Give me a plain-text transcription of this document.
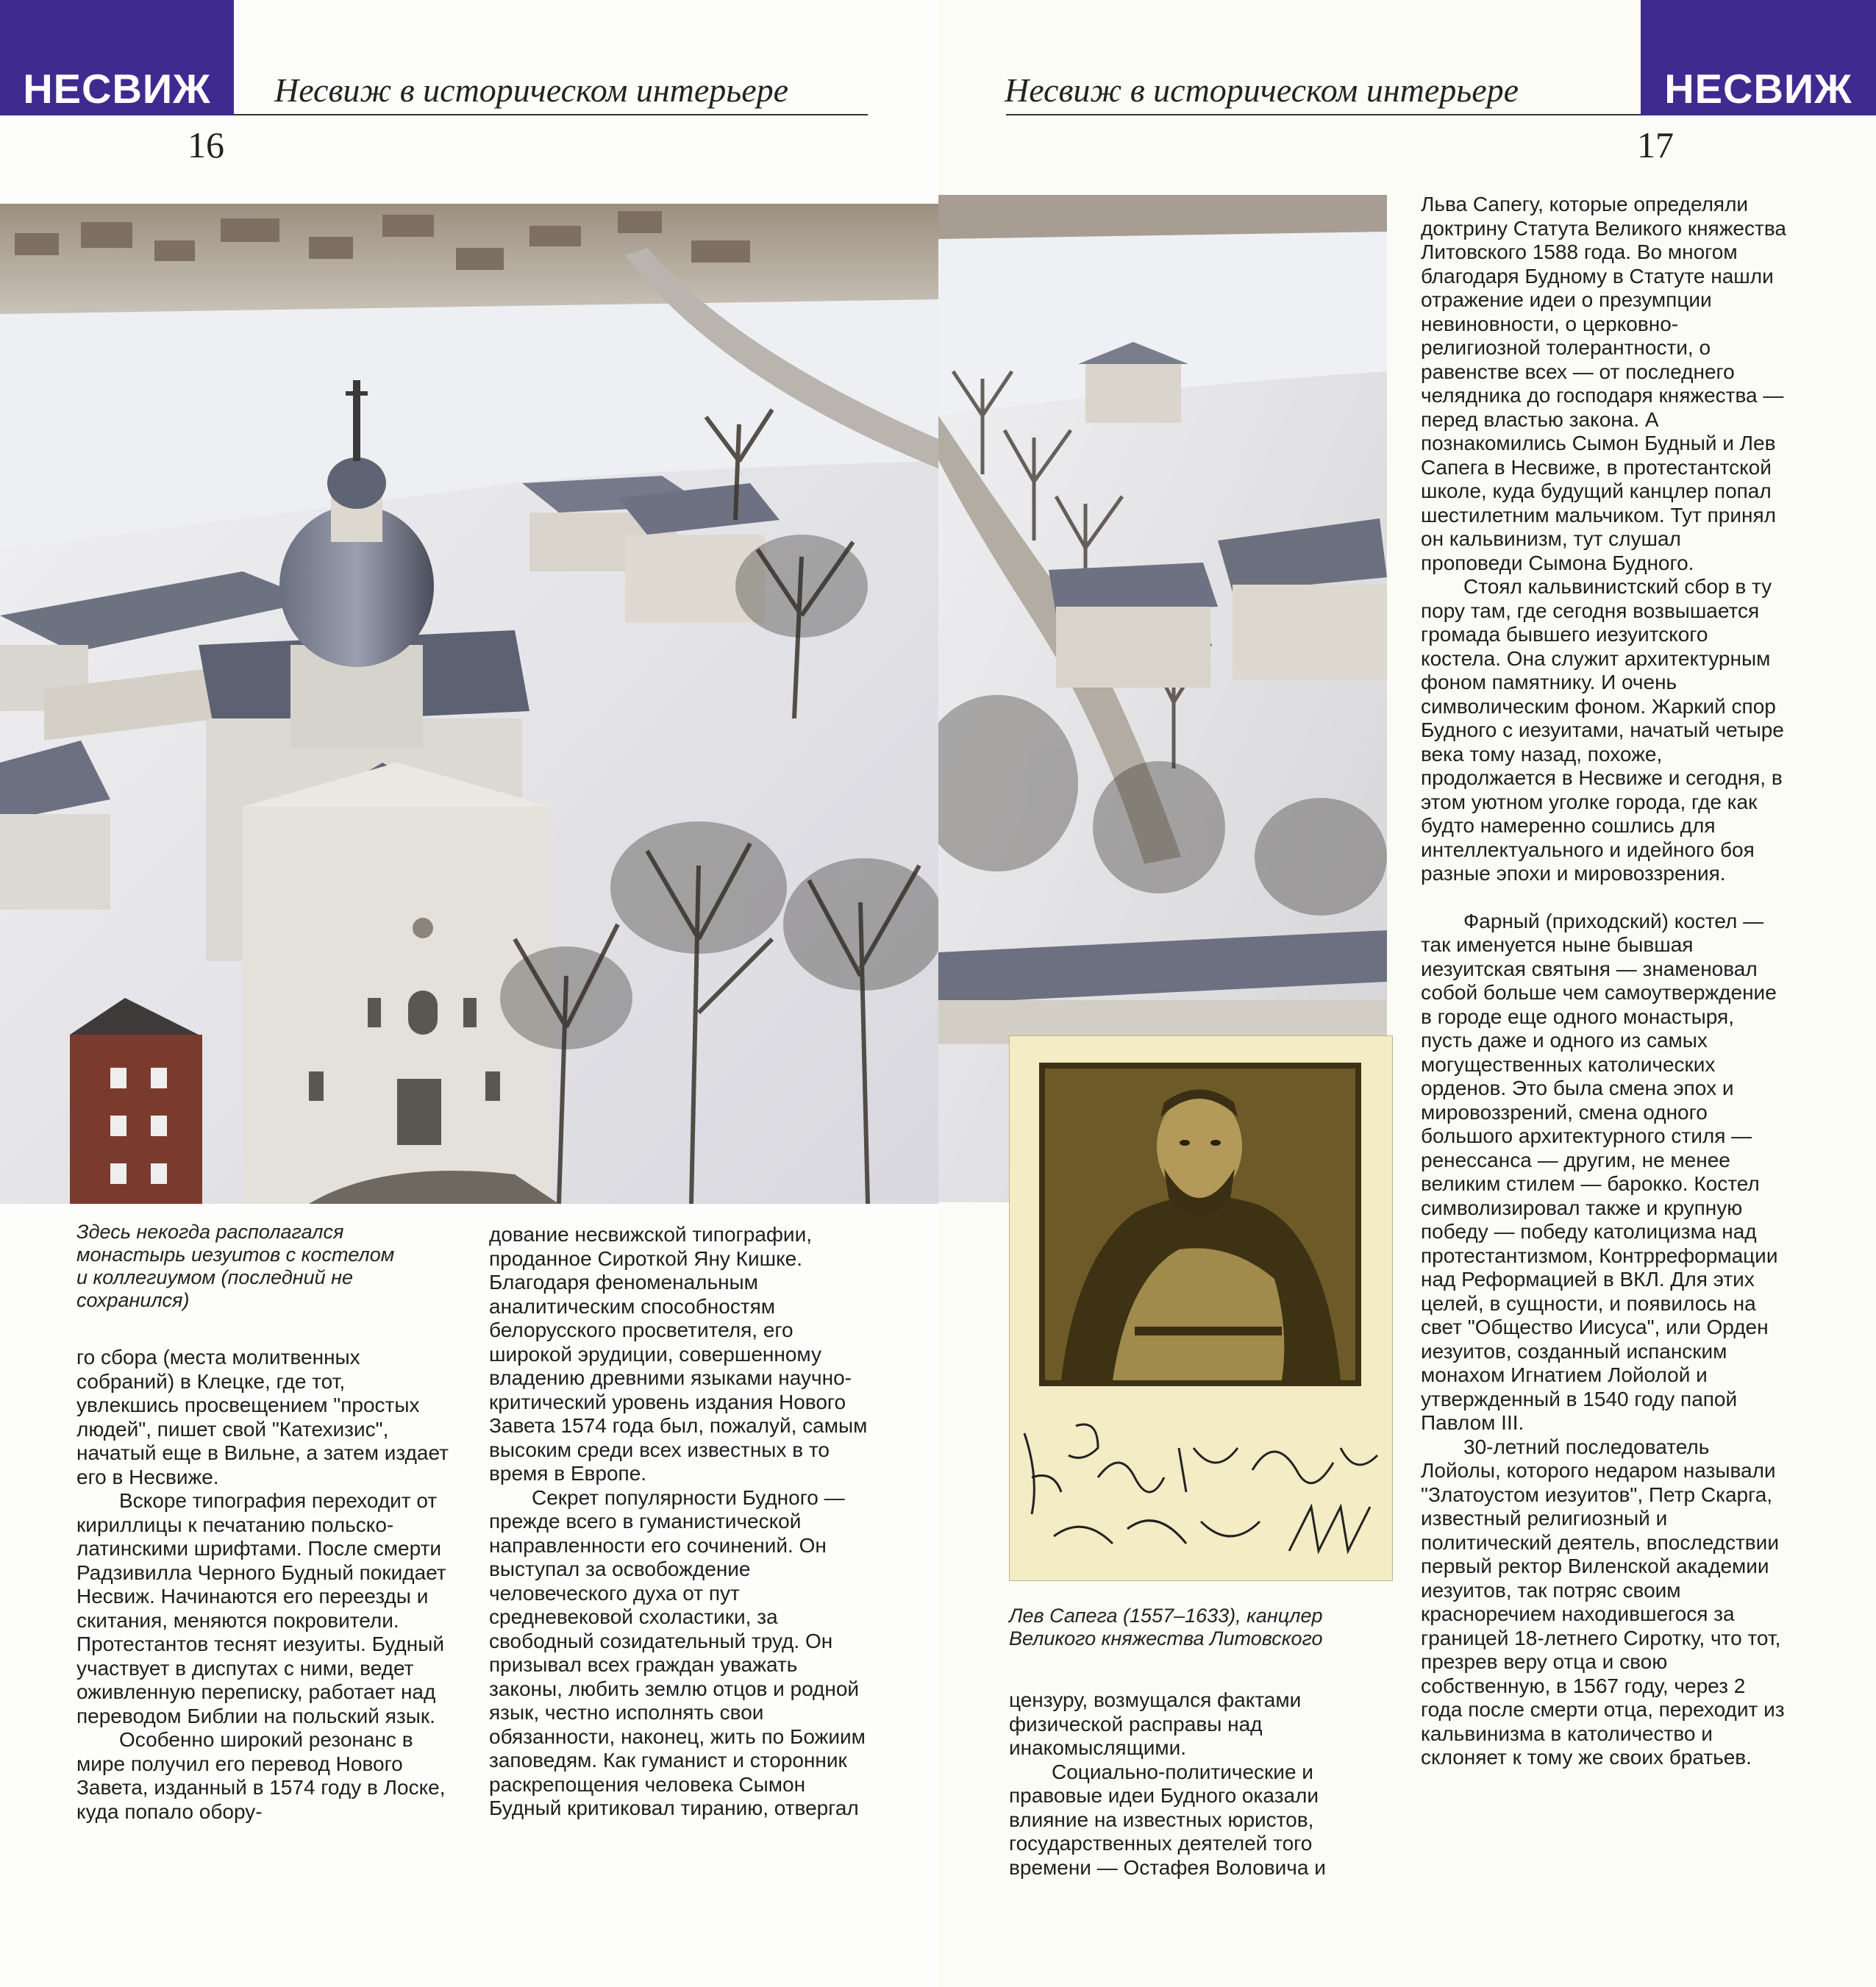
НЕСВИЖ	Несвиж в историческом интерьере
16
Здесь некогда располагался монастырь иезуитов с костелом и коллегиумом (последний не сохранился)

го сбора (места молитвенных собраний) в Клецке, где тот, увлекшись просвещением "простых людей", пишет свой "Катехизис", начатый еще в Вильне, а затем издает его в Несвиже.

Вскоре типография переходит от кириллицы к печатанию польско-латинскими шрифтами. После смерти Радзивилла Черного Будный покидает Несвиж. Начинаются его переезды и скитания, меняются покровители. Протестантов теснят иезуиты. Будный участвует в диспутах с ними, ведет оживленную переписку, работает над переводом Библии на польский язык.

Особенно широкий резонанс в мире получил его перевод Нового Завета, изданный в 1574 году в Лоске, куда попало обору-

дование несвижской типографии, проданное Сироткой Яну Кишке. Благодаря феноменальным аналитическим способностям белорусского просветителя, его широкой эрудиции, совершенному владению древними языками научно-критический уровень издания Нового Завета 1574 года был, пожалуй, самым высоким среди всех известных в то время в Европе.

Секрет популярности Будного — прежде всего в гуманистической направленности его сочинений. Он выступал за освобождение человеческого духа от пут средневековой схоластики, за свободный созидательный труд. Он призывал всех граждан уважать законы, любить землю отцов и родной язык, честно исполнять свои обязанности, наконец, жить по Божиим заповедям. Как гуманист и сторонник раскрепощения человека Сымон Будный критиковал тиранию, отвергал

Несвиж в историческом интерьере	НЕСВИЖ
17
Лев Сапега (1557–1633), канцлер Великого княжества Литовского

цензуру, возмущался фактами физической расправы над инакомыслящими.

Социально-политические и правовые идеи Будного оказали влияние на известных юристов, государственных деятелей того времени — Остафея Воловича и

Льва Сапегу, которые определяли доктрину Статута Великого княжества Литовского 1588 года. Во многом благодаря Будному в Статуте нашли отражение идеи о презумпции невиновности, о церковно-религиозной толерантности, о равенстве всех — от последнего челядника до господаря княжества — перед властью закона. А познакомились Сымон Будный и Лев Сапега в Несвиже, в протестантской школе, куда будущий канцлер попал шестилетним мальчиком. Тут принял он кальвинизм, тут слушал проповеди Сымона Будного.

Стоял кальвинистский сбор в ту пору там, где сегодня возвышается громада бывшего иезуитского костела. Она служит архитектурным фоном памятнику. И очень символическим фоном. Жаркий спор Будного с иезуитами, начатый четыре века тому назад, похоже, продолжается в Несвиже и сегодня, в этом уютном уголке города, где как будто намеренно сошлись для интеллектуального и идейного боя разные эпохи и мировоззрения.

Фарный (приходский) костел — так именуется ныне бывшая иезуитская святыня — знаменовал собой больше чем самоутверждение в городе еще одного монастыря, пусть даже и одного из самых могущественных католических орденов. Это была смена эпох и мировоззрений, смена одного большого архитектурного стиля — ренессанса — другим, не менее великим стилем — барокко. Костел символизировал также и крупную победу — победу католицизма над протестантизмом, Контрреформации над Реформацией в ВКЛ. Для этих целей, в сущности, и появилось на свет "Общество Иисуса", или Орден иезуитов, созданный испанским монахом Игнатием Лойолой и утвержденный в 1540 году папой Павлом III.

30-летний последователь Лойолы, которого недаром называли "Златоустом иезуитов", Петр Скарга, известный религиозный и политический деятель, впоследствии первый ректор Виленской академии иезуитов, так потряс своим красноречием находившегося за границей 18-летнего Сиротку, что тот, презрев веру отца и свою собственную, в 1567 году, через 2 года после смерти отца, переходит из кальвинизма в католичество и склоняет к тому же своих братьев.
